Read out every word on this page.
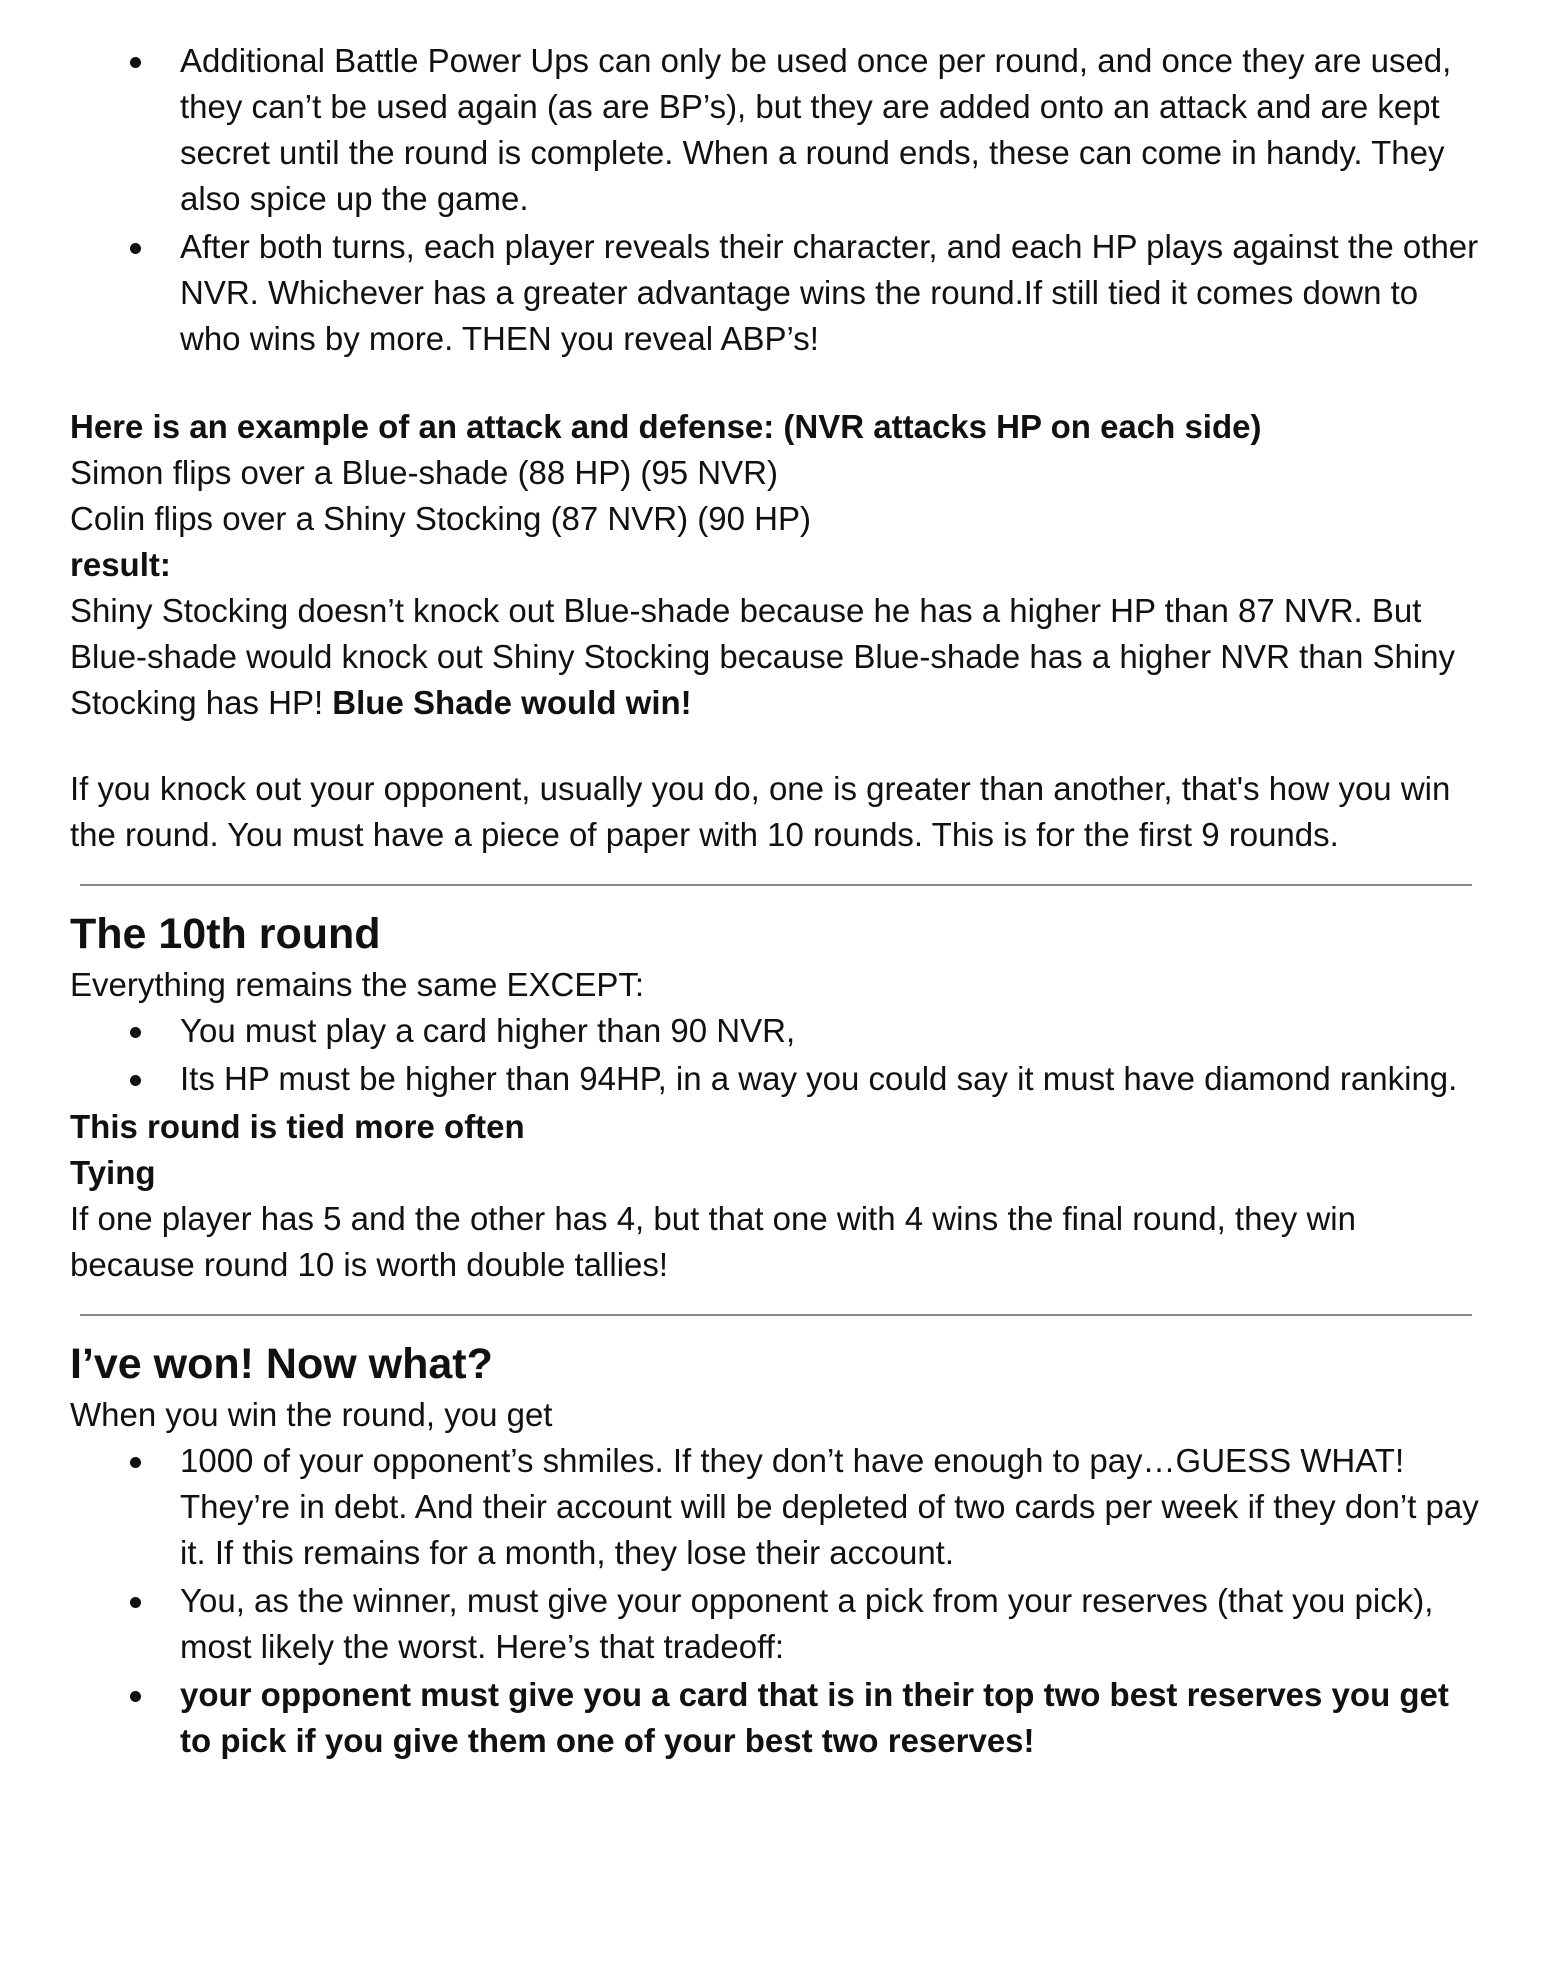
Additional Battle Power Ups can only be used once per round, and once they are used, they can’t be used again (as are BP’s), but they are added onto an attack and are kept secret until the round is complete. When a round ends, these can come in handy. They also spice up the game.
After both turns, each player reveals their character, and each HP plays against the other NVR. Whichever has a greater advantage wins the round.If still tied it comes down to who wins by more. THEN you reveal ABP’s!

Here is an example of an attack and defense: (NVR attacks HP on each side)

Simon flips over a Blue-shade (88 HP) (95 NVR)

Colin flips over a Shiny Stocking (87 NVR) (90 HP)

result:

Shiny Stocking doesn’t knock out Blue-shade because he has a higher HP than 87 NVR. But Blue-shade would knock out Shiny Stocking because Blue-shade has a higher NVR than Shiny Stocking has HP! Blue Shade would win!

If you knock out your opponent, usually you do, one is greater than another, that's how you win the round. You must have a piece of paper with 10 rounds. This is for the first 9 rounds.

The 10th round

Everything remains the same EXCEPT:

You must play a card higher than 90 NVR,
Its HP must be higher than 94HP, in a way you could say it must have diamond ranking.

This round is tied more often

Tying

If one player has 5 and the other has 4, but that one with 4 wins the final round, they win because round 10 is worth double tallies!

I’ve won! Now what?

When you win the round, you get

1000 of your opponent’s shmiles. If they don’t have enough to pay…GUESS WHAT! They’re in debt. And their account will be depleted of two cards per week if they don’t pay it. If this remains for a month, they lose their account.
You, as the winner, must give your opponent a pick from your reserves (that you pick), most likely the worst. Here’s that tradeoff:
your opponent must give you a card that is in their top two best reserves you get to pick if you give them one of your best two reserves!
